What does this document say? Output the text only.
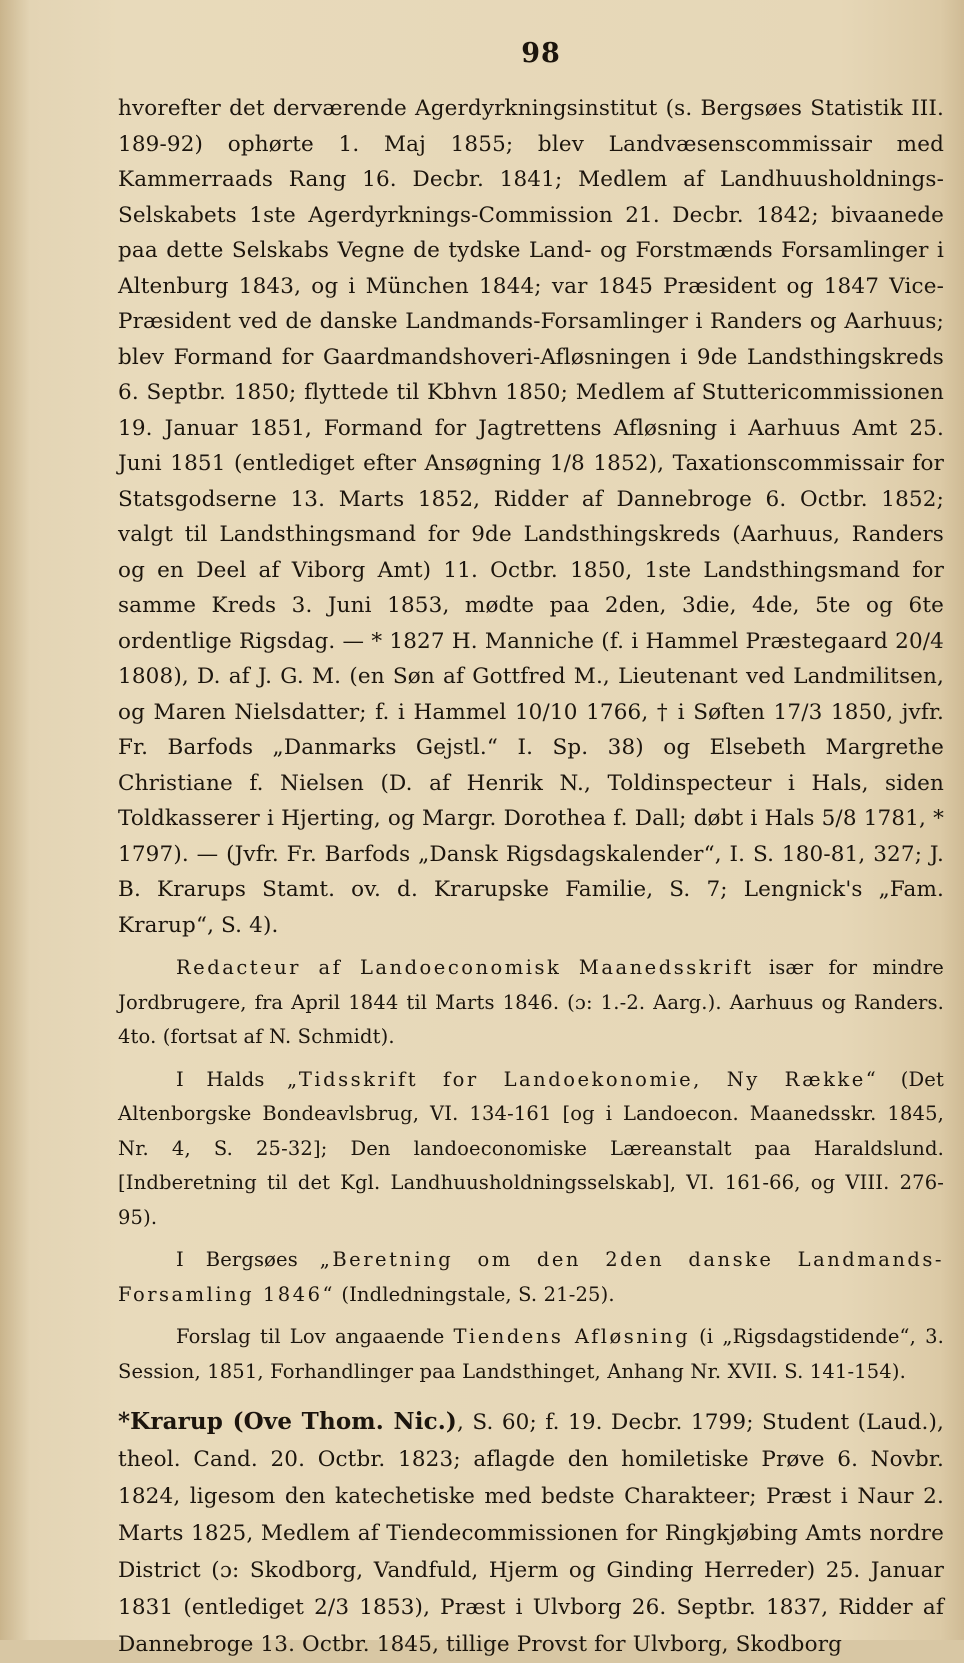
98

hvorefter det derværende Agerdyrkningsinstitut (s. Bergsøes Statistik III. 189-92) ophørte 1. Maj 1855; blev Landvæsenscommissair med Kammerraads Rang 16. Decbr. 1841; Medlem af Landhuusholdnings-Selskabets 1ste Agerdyrknings-Commission 21. Decbr. 1842; bivaanede paa dette Selskabs Vegne de tydske Land- og Forstmænds Forsamlinger i Altenburg 1843, og i München 1844; var 1845 Præsident og 1847 Vice-Præsident ved de danske Landmands-Forsamlinger i Randers og Aarhuus; blev Formand for Gaardmandshoveri-Afløsningen i 9de Landsthingskreds 6. Septbr. 1850; flyttede til Kbhvn 1850; Medlem af Stuttericommissionen 19. Januar 1851, Formand for Jagtrettens Afløsning i Aarhuus Amt 25. Juni 1851 (entlediget efter Ansøgning 1/8 1852), Taxationscommissair for Statsgodserne 13. Marts 1852, Ridder af Dannebroge 6. Octbr. 1852; valgt til Landsthingsmand for 9de Landsthingskreds (Aarhuus, Randers og en Deel af Viborg Amt) 11. Octbr. 1850, 1ste Landsthingsmand for samme Kreds 3. Juni 1853, mødte paa 2den, 3die, 4de, 5te og 6te ordentlige Rigsdag. — * 1827 H. Manniche (f. i Hammel Præstegaard 20/4 1808), D. af J. G. M. (en Søn af Gottfred M., Lieutenant ved Landmilitsen, og Maren Nielsdatter; f. i Hammel 10/10 1766, † i Søften 17/3 1850, jvfr. Fr. Barfods „Danmarks Gejstl.“ I. Sp. 38) og Elsebeth Margrethe Christiane f. Nielsen (D. af Henrik N., Toldinspecteur i Hals, siden Toldkasserer i Hjerting, og Margr. Dorothea f. Dall; døbt i Hals 5/8 1781, * 1797). — (Jvfr. Fr. Barfods „Dansk Rigsdagskalender“, I. S. 180-81, 327; J. B. Krarups Stamt. ov. d. Krarupske Familie, S. 7; Lengnick's „Fam. Krarup“, S. 4).

Redacteur af Landoeconomisk Maanedsskrift især for mindre Jordbrugere, fra April 1844 til Marts 1846. (ɔ: 1.-2. Aarg.). Aarhuus og Randers. 4to. (fortsat af N. Schmidt).

I Halds „Tidsskrift for Landoekonomie, Ny Række“ (Det Altenborgske Bondeavlsbrug, VI. 134-161 [og i Landoecon. Maanedsskr. 1845, Nr. 4, S. 25-32]; Den landoeconomiske Læreanstalt paa Haraldslund. [Indberetning til det Kgl. Landhuusholdningsselskab], VI. 161-66, og VIII. 276-95).

I Bergsøes „Beretning om den 2den danske Landmands-Forsamling 1846“ (Indledningstale, S. 21-25).

Forslag til Lov angaaende Tiendens Afløsning (i „Rigsdagstidende“, 3. Session, 1851, Forhandlinger paa Landsthinget, Anhang Nr. XVII. S. 141-154).

*Krarup (Ove Thom. Nic.), S. 60; f. 19. Decbr. 1799; Student (Laud.), theol. Cand. 20. Octbr. 1823; aflagde den homiletiske Prøve 6. Novbr. 1824, ligesom den katechetiske med bedste Charakteer; Præst i Naur 2. Marts 1825, Medlem af Tiendecommissionen for Ringkjøbing Amts nordre District (ɔ: Skodborg, Vandfuld, Hjerm og Ginding Herreder) 25. Januar 1831 (entlediget 2/3 1853), Præst i Ulvborg 26. Septbr. 1837, Ridder af Dannebroge 13. Octbr. 1845, tillige Provst for Ulvborg, Skodborg
